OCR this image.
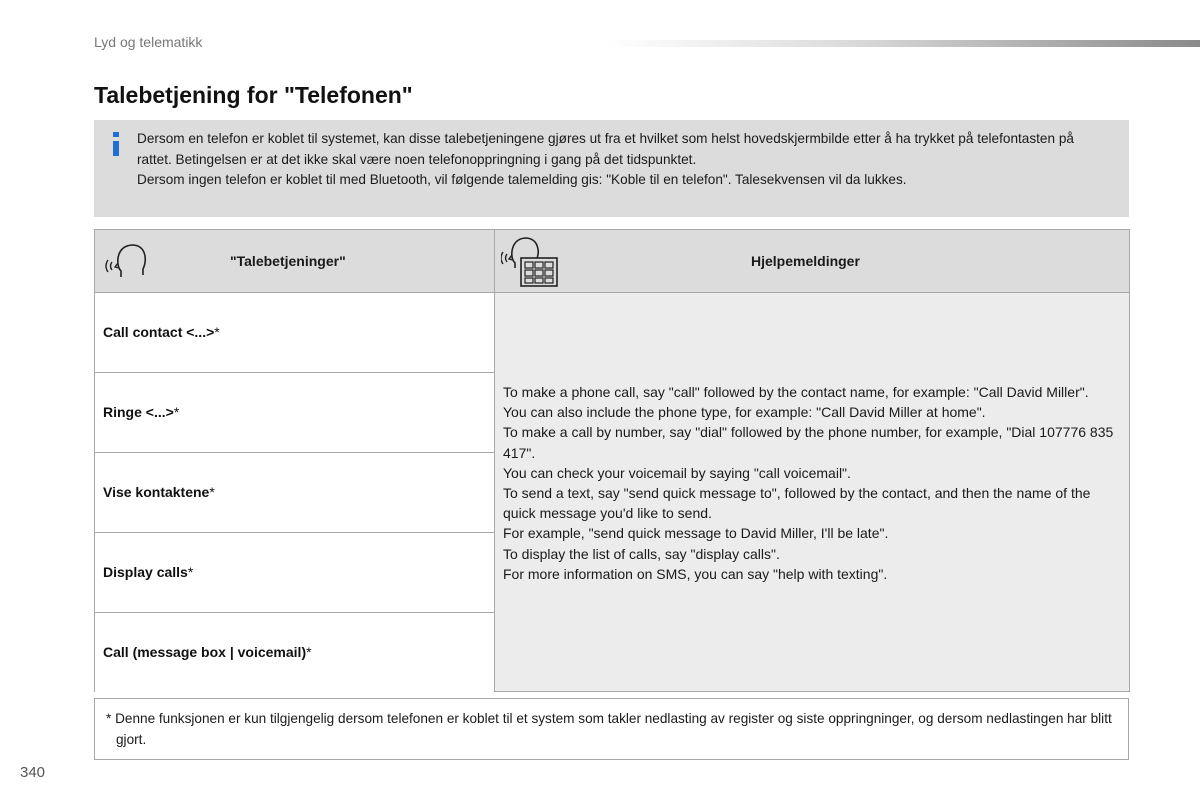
Lyd og telematikk
Talebetjening for "Telefonen"

Dersom en telefon er koblet til systemet, kan disse talebetjeningene gjøres ut fra et hvilket som helst hovedskjermbilde etter å ha trykket på telefontasten på rattet. Betingelsen er at det ikke skal være noen telefonoppringning i gang på det tidspunktet.

Dersom ingen telefon er koblet til med Bluetooth, vil følgende talemelding gis: "Koble til en telefon". Talesekvensen vil da lukkes.

"Talebetjeninger"	Hjelpemeldinger
Call contact <...>*
Ringe <...>*
Vise kontaktene*
Display calls*
Call (message box | voicemail)*

To make a phone call, say "call" followed by the contact name, for example: "Call David Miller".

You can also include the phone type, for example: "Call David Miller at home".

To make a call by number, say "dial" followed by the phone number, for example, "Dial 107776 835 417".

You can check your voicemail by saying "call voicemail".

To send a text, say "send quick message to", followed by the contact, and then the name of the quick message you'd like to send.

For example, "send quick message to David Miller, I'll be late".

To display the list of calls, say "display calls".

For more information on SMS, you can say "help with texting".

* Denne funksjonen er kun tilgjengelig dersom telefonen er koblet til et system som takler nedlasting av register og siste oppringninger, og dersom nedlastingen har blitt gjort.
340
